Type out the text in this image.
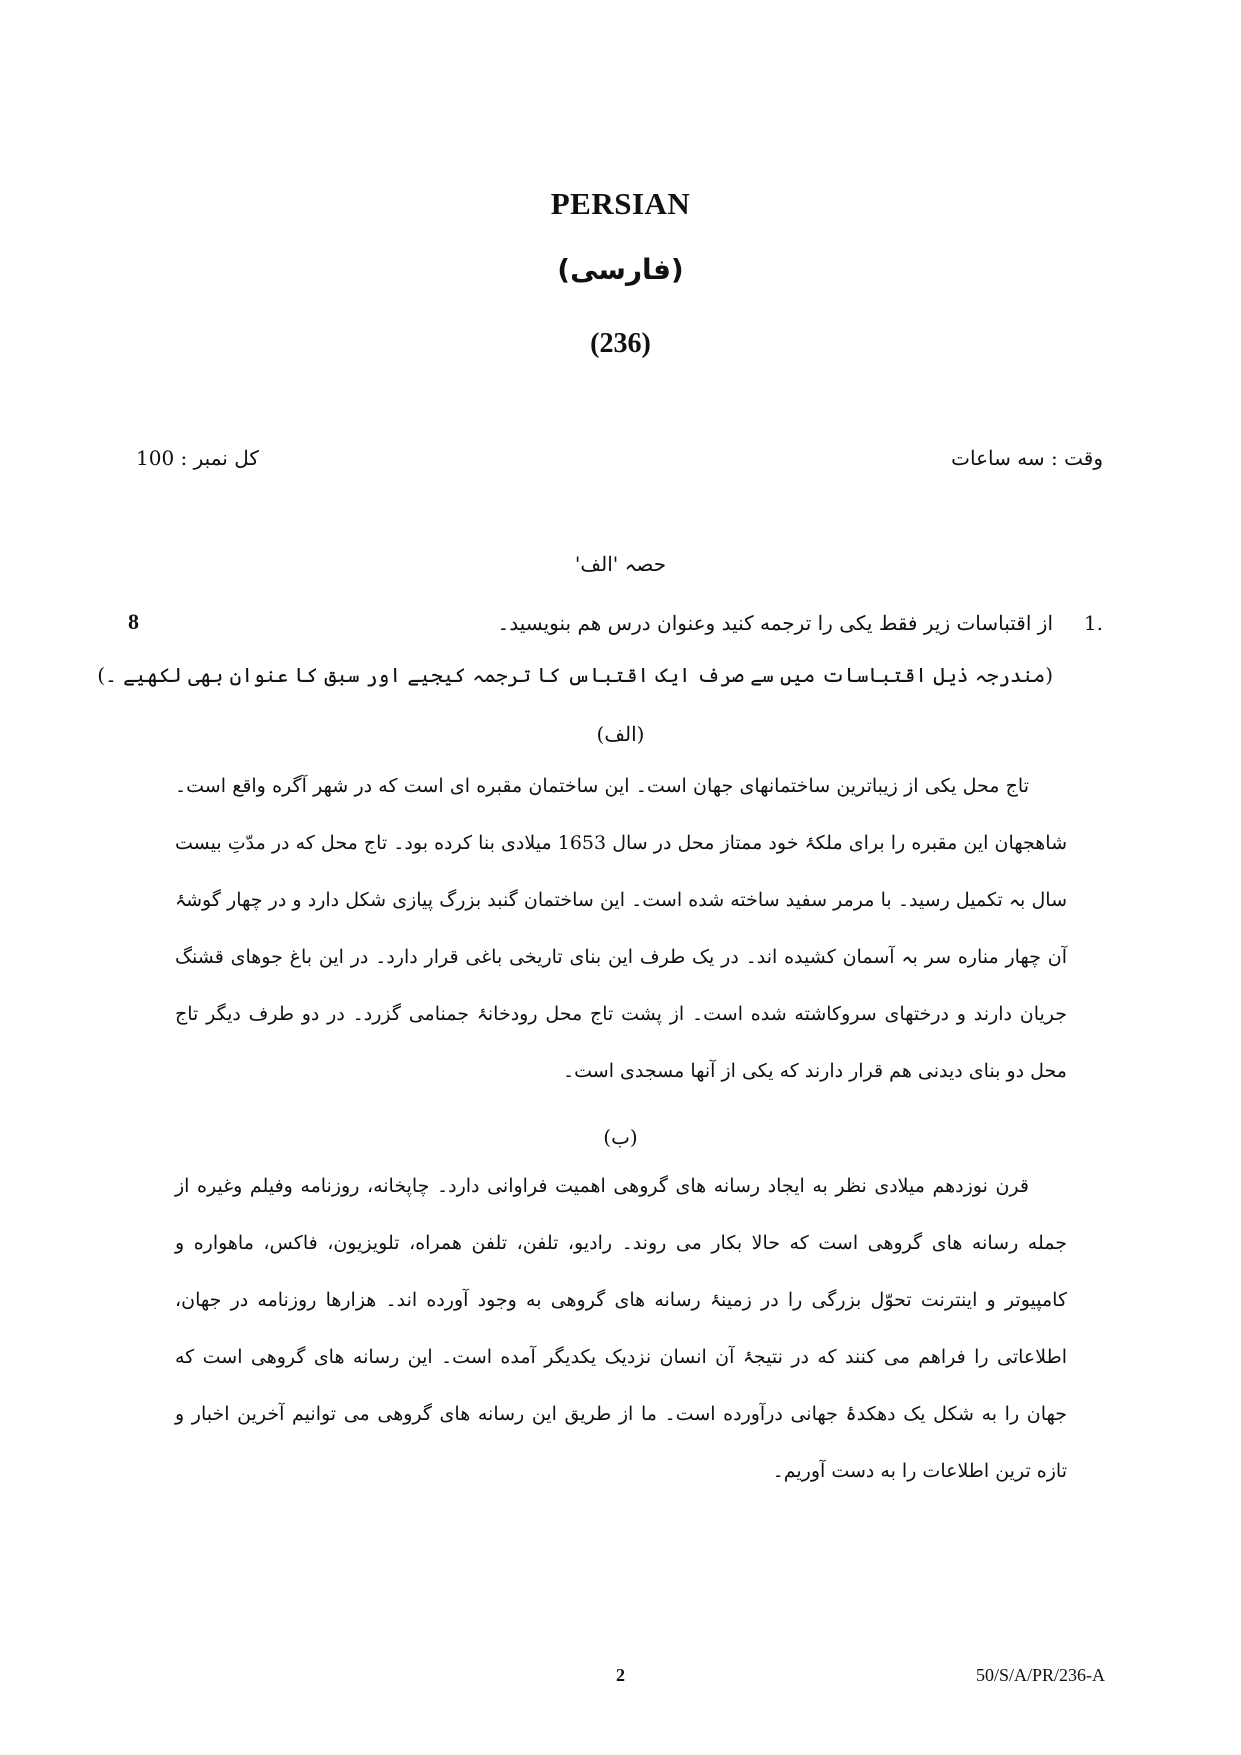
PERSIAN
(فارسی)
(236)
وقت : سه ساعات
کل نمبر : 100
حصہ 'الف'
1.
8	از اقتباسات زیر فقط یکی را ترجمه کنید وعنوان درس هم بنویسید۔
(مندرجہ ذیل اقتباسات میں سے صرف ایک اقتباس کا ترجمہ کیجیے اور سبق کا عنوان بھی لکھیے ۔)
(الف)
تاج محل یکی از زیباترین ساختمانهای جهان است۔ این ساختمان مقبره ای است که در شهر آگره واقع است۔ شاهجهان این مقبره را برای ملکۂ خود ممتاز محل در سال 1653 میلادی بنا کرده بود۔ تاج محل که در مدّتِ بیست سال بہ تکمیل رسید۔ با مرمر سفید ساخته شده است۔ این ساختمان گنبد بزرگ پیازی شکل دارد و در چهار گوشۂ آن چهار مناره سر بہ آسمان کشیده اند۔ در یک طرف این بنای تاریخی باغی قرار دارد۔ در این باغ جوهای قشنگ جریان دارند و درختهای سروکاشته شده است۔ از پشت تاج محل رودخانۂ جمنامی گزرد۔ در دو طرف دیگر تاج محل دو بنای دیدنی هم قرار دارند که یکی از آنها مسجدی است۔
(ب)
قرن نوزدهم میلادی نظر به ایجاد رسانه های گروهی اهمیت فراوانی دارد۔ چاپخانه، روزنامه وفیلم وغیره از جمله رسانه های گروهی است که حالا بکار می روند۔ رادیو، تلفن، تلفن همراه، تلویزیون، فاکس، ماهواره و کامپیوتر و اینترنت تحوّل بزرگی را در زمینۂ رسانه های گروهی به وجود آورده اند۔ هزارها روزنامه در جهان، اطلاعاتی را فراهم می کنند که در نتیجۂ آن انسان نزدیک یکدیگر آمده است۔ این رسانه های گروهی است که جهان را به شکل یک دهکدۂ جهانی درآورده است۔ ما از طریق این رسانه های گروهی می توانیم آخرین اخبار و تازه ترین اطلاعات را به دست آوریم۔
2	50/S/A/PR/236-A
